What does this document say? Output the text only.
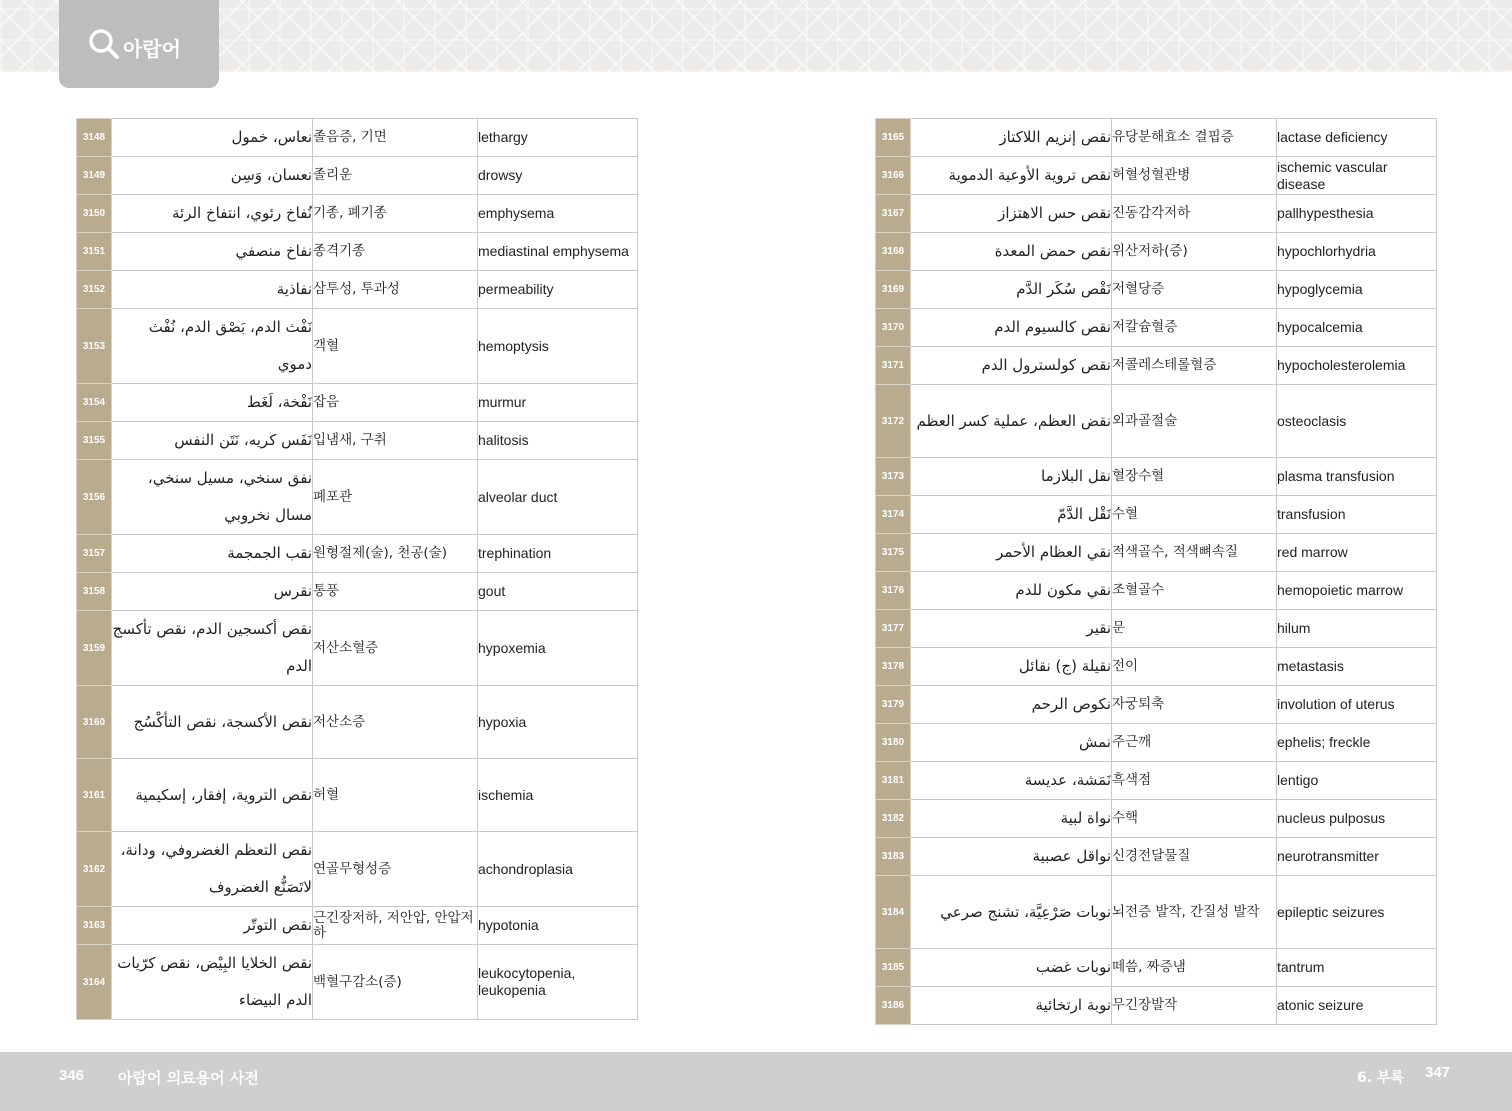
아랍어
3148	نعاس، خمول	졸음증, 기면	lethargy
3149	نعسان، وَسِن	졸리운	drowsy
3150	نُفاخ رئوي، انتفاخ الرئة	기종, 폐기종	emphysema
3151	نفاخ منصفي	종격기종	mediastinal emphysema
3152	نفاذية	삼투성, 투과성	permeability
3153	نَفْث الدم، بَصْق الدم، نُفْث دموي	객혈	hemoptysis
3154	نَفْخة، لَغَط	잡음	murmur
3155	نَفَس كريه، نَتَن النفس	입냄새, 구취	halitosis
3156	نفق سنخي، مسيل سنخي، مسال نخروبي	폐포관	alveolar duct
3157	نقب الجمجمة	원형절제(술), 천공(술)	trephination
3158	نقرس	통풍	gout
3159	نقص أكسجين الدم، نقص تأكسج الدم	저산소혈증	hypoxemia
3160	نقص الأكسجة، نقص التأكْسُج	저산소증	hypoxia
3161	نقص التروية، إفقار، إسكيمية	허혈	ischemia
3162	نقص التعظم الغضروفي، ودانة، لاتَصَنُّع الغضروف	연골무형성증	achondroplasia
3163	نقص التوتّر	근긴장저하, 저안압, 안압저하	hypotonia
3164	نقص الخلايا البِيْض، نقص كرّيات الدم البيضاء	백혈구감소(증)	leukocytopenia, leukopenia
3165	نقص إنزيم اللاكتاز	유당분해효소 결핍증	lactase deficiency
3166	نقص تروية الأوعية الدموية	허혈성혈관병	ischemic vascular disease
3167	نقص حس الاهتزاز	진동감각저하	pallhypesthesia
3168	نقص حمض المعدة	위산저하(증)	hypochlorhydria
3169	نَقْص سُكَر الدَّم	저혈당증	hypoglycemia
3170	نقص كالسيوم الدم	저칼슘혈증	hypocalcemia
3171	نقص كولسترول الدم	저콜레스테롤혈증	hypocholesterolemia
3172	نقض العظم، عملية كسر العظم	외과골절술	osteoclasis
3173	نقل البلازما	혈장수혈	plasma transfusion
3174	نَقْل الدَّمّ	수혈	transfusion
3175	نقي العظام الأحمر	적색골수, 적색뼈속질	red marrow
3176	نقي مكون للدم	조혈골수	hemopoietic marrow
3177	نقير	문	hilum
3178	نقيلة (ج) نقائل	전이	metastasis
3179	نكوص الرحم	자궁퇴축	involution of uterus
3180	نمش	주근깨	ephelis; freckle
3181	نَمَشة، عديسة	흑색점	lentigo
3182	نواة لبية	수핵	nucleus pulposus
3183	نواقل عصبية	신경전달물질	neurotransmitter
3184	نوبات صَرْعِيَّة، تشنج صرعي	뇌전증 발작, 간질성 발작	epileptic seizures
3185	نوبات غضب	떼씀, 짜증냄	tantrum
3186	نوبة ارتخائية	무긴장발작	atonic seizure
346 아랍어 의료용어 사전	6. 부록 347
